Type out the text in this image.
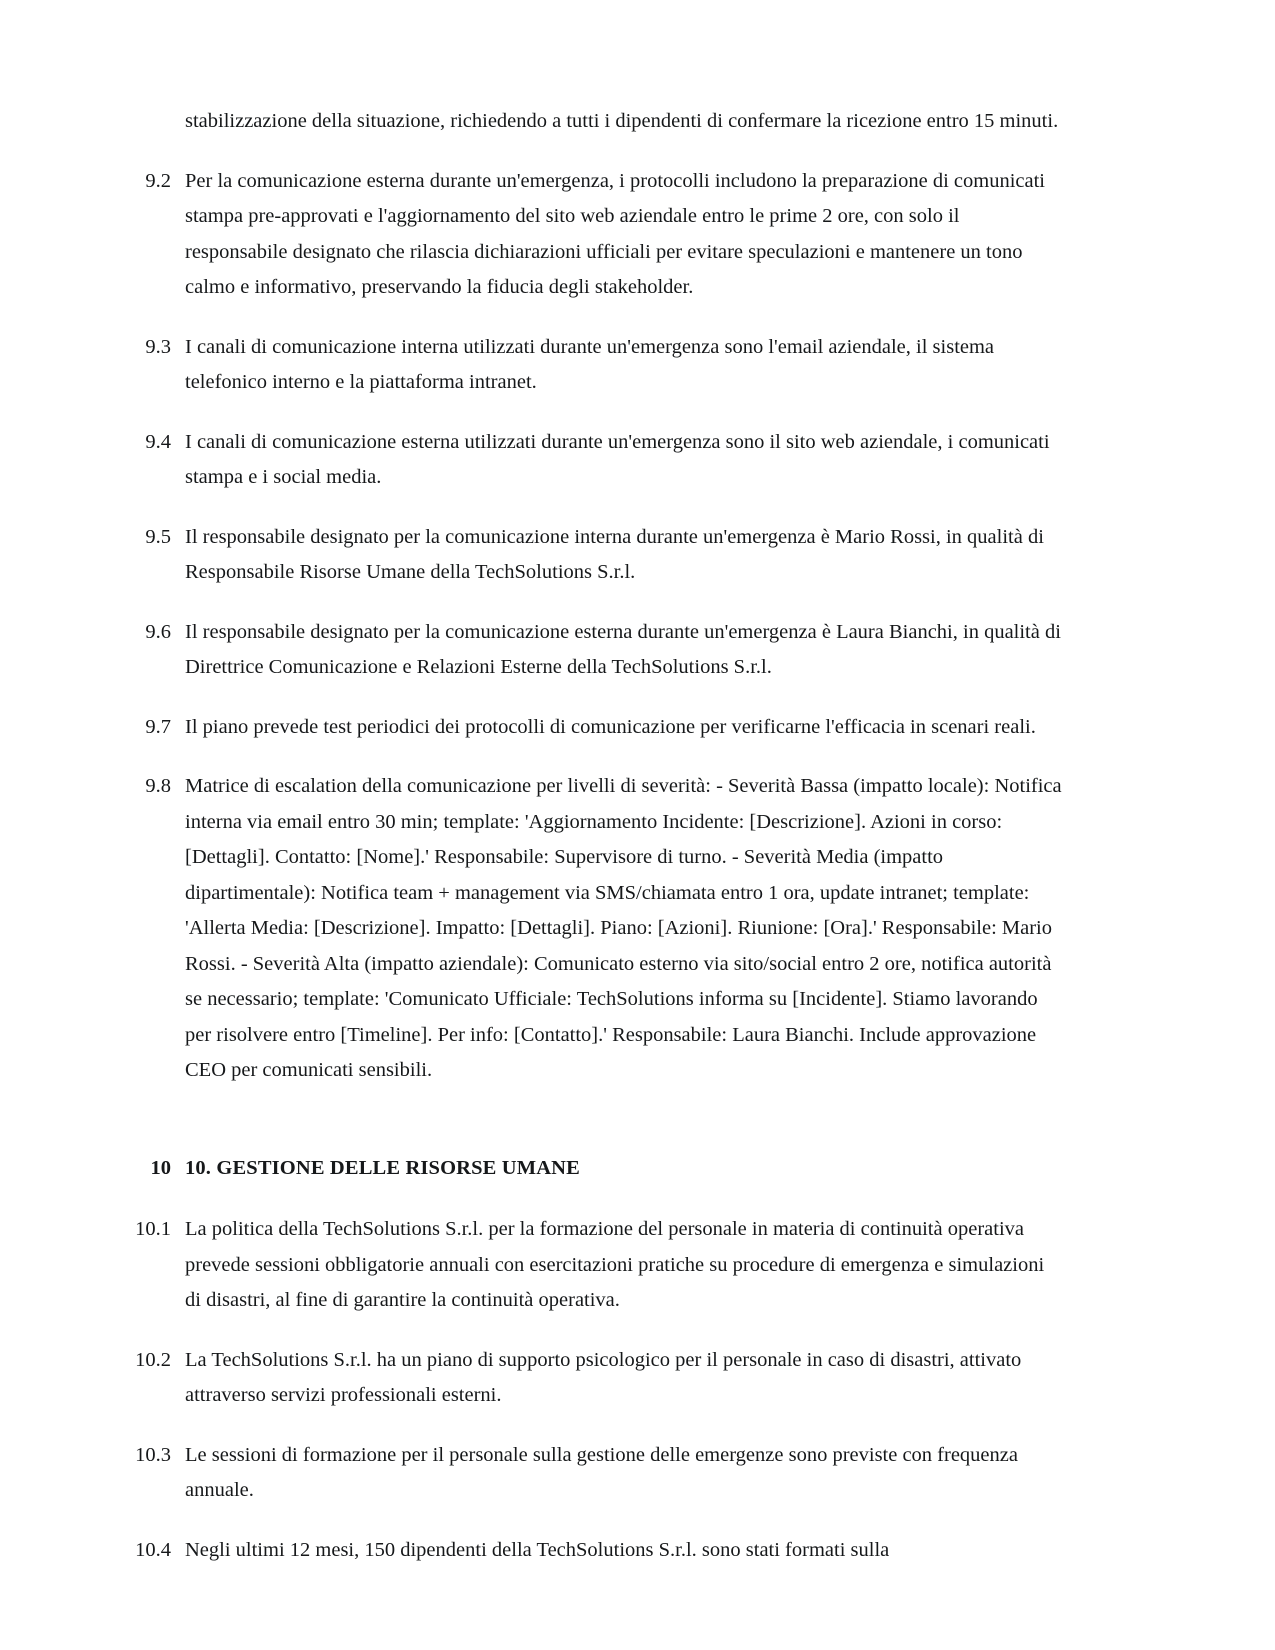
stabilizzazione della situazione, richiedendo a tutti i dipendenti di confermare la ricezione entro 15 minuti.
9.2 Per la comunicazione esterna durante un'emergenza, i protocolli includono la preparazione di comunicati stampa pre-approvati e l'aggiornamento del sito web aziendale entro le prime 2 ore, con solo il responsabile designato che rilascia dichiarazioni ufficiali per evitare speculazioni e mantenere un tono calmo e informativo, preservando la fiducia degli stakeholder.
9.3 I canali di comunicazione interna utilizzati durante un'emergenza sono l'email aziendale, il sistema telefonico interno e la piattaforma intranet.
9.4 I canali di comunicazione esterna utilizzati durante un'emergenza sono il sito web aziendale, i comunicati stampa e i social media.
9.5 Il responsabile designato per la comunicazione interna durante un'emergenza è Mario Rossi, in qualità di Responsabile Risorse Umane della TechSolutions S.r.l.
9.6 Il responsabile designato per la comunicazione esterna durante un'emergenza è Laura Bianchi, in qualità di Direttrice Comunicazione e Relazioni Esterne della TechSolutions S.r.l.
9.7 Il piano prevede test periodici dei protocolli di comunicazione per verificarne l'efficacia in scenari reali.
9.8 Matrice di escalation della comunicazione per livelli di severità: - Severità Bassa (impatto locale): Notifica interna via email entro 30 min; template: 'Aggiornamento Incidente: [Descrizione]. Azioni in corso: [Dettagli]. Contatto: [Nome].' Responsabile: Supervisore di turno. - Severità Media (impatto dipartimentale): Notifica team + management via SMS/chiamata entro 1 ora, update intranet; template: 'Allerta Media: [Descrizione]. Impatto: [Dettagli]. Piano: [Azioni]. Riunione: [Ora].' Responsabile: Mario Rossi. - Severità Alta (impatto aziendale): Comunicato esterno via sito/social entro 2 ore, notifica autorità se necessario; template: 'Comunicato Ufficiale: TechSolutions informa su [Incidente]. Stiamo lavorando per risolvere entro [Timeline]. Per info: [Contatto].' Responsabile: Laura Bianchi. Include approvazione CEO per comunicati sensibili.
10 10. GESTIONE DELLE RISORSE UMANE
10.1 La politica della TechSolutions S.r.l. per la formazione del personale in materia di continuità operativa prevede sessioni obbligatorie annuali con esercitazioni pratiche su procedure di emergenza e simulazioni di disastri, al fine di garantire la continuità operativa.
10.2 La TechSolutions S.r.l. ha un piano di supporto psicologico per il personale in caso di disastri, attivato attraverso servizi professionali esterni.
10.3 Le sessioni di formazione per il personale sulla gestione delle emergenze sono previste con frequenza annuale.
10.4 Negli ultimi 12 mesi, 150 dipendenti della TechSolutions S.r.l. sono stati formati sulla
